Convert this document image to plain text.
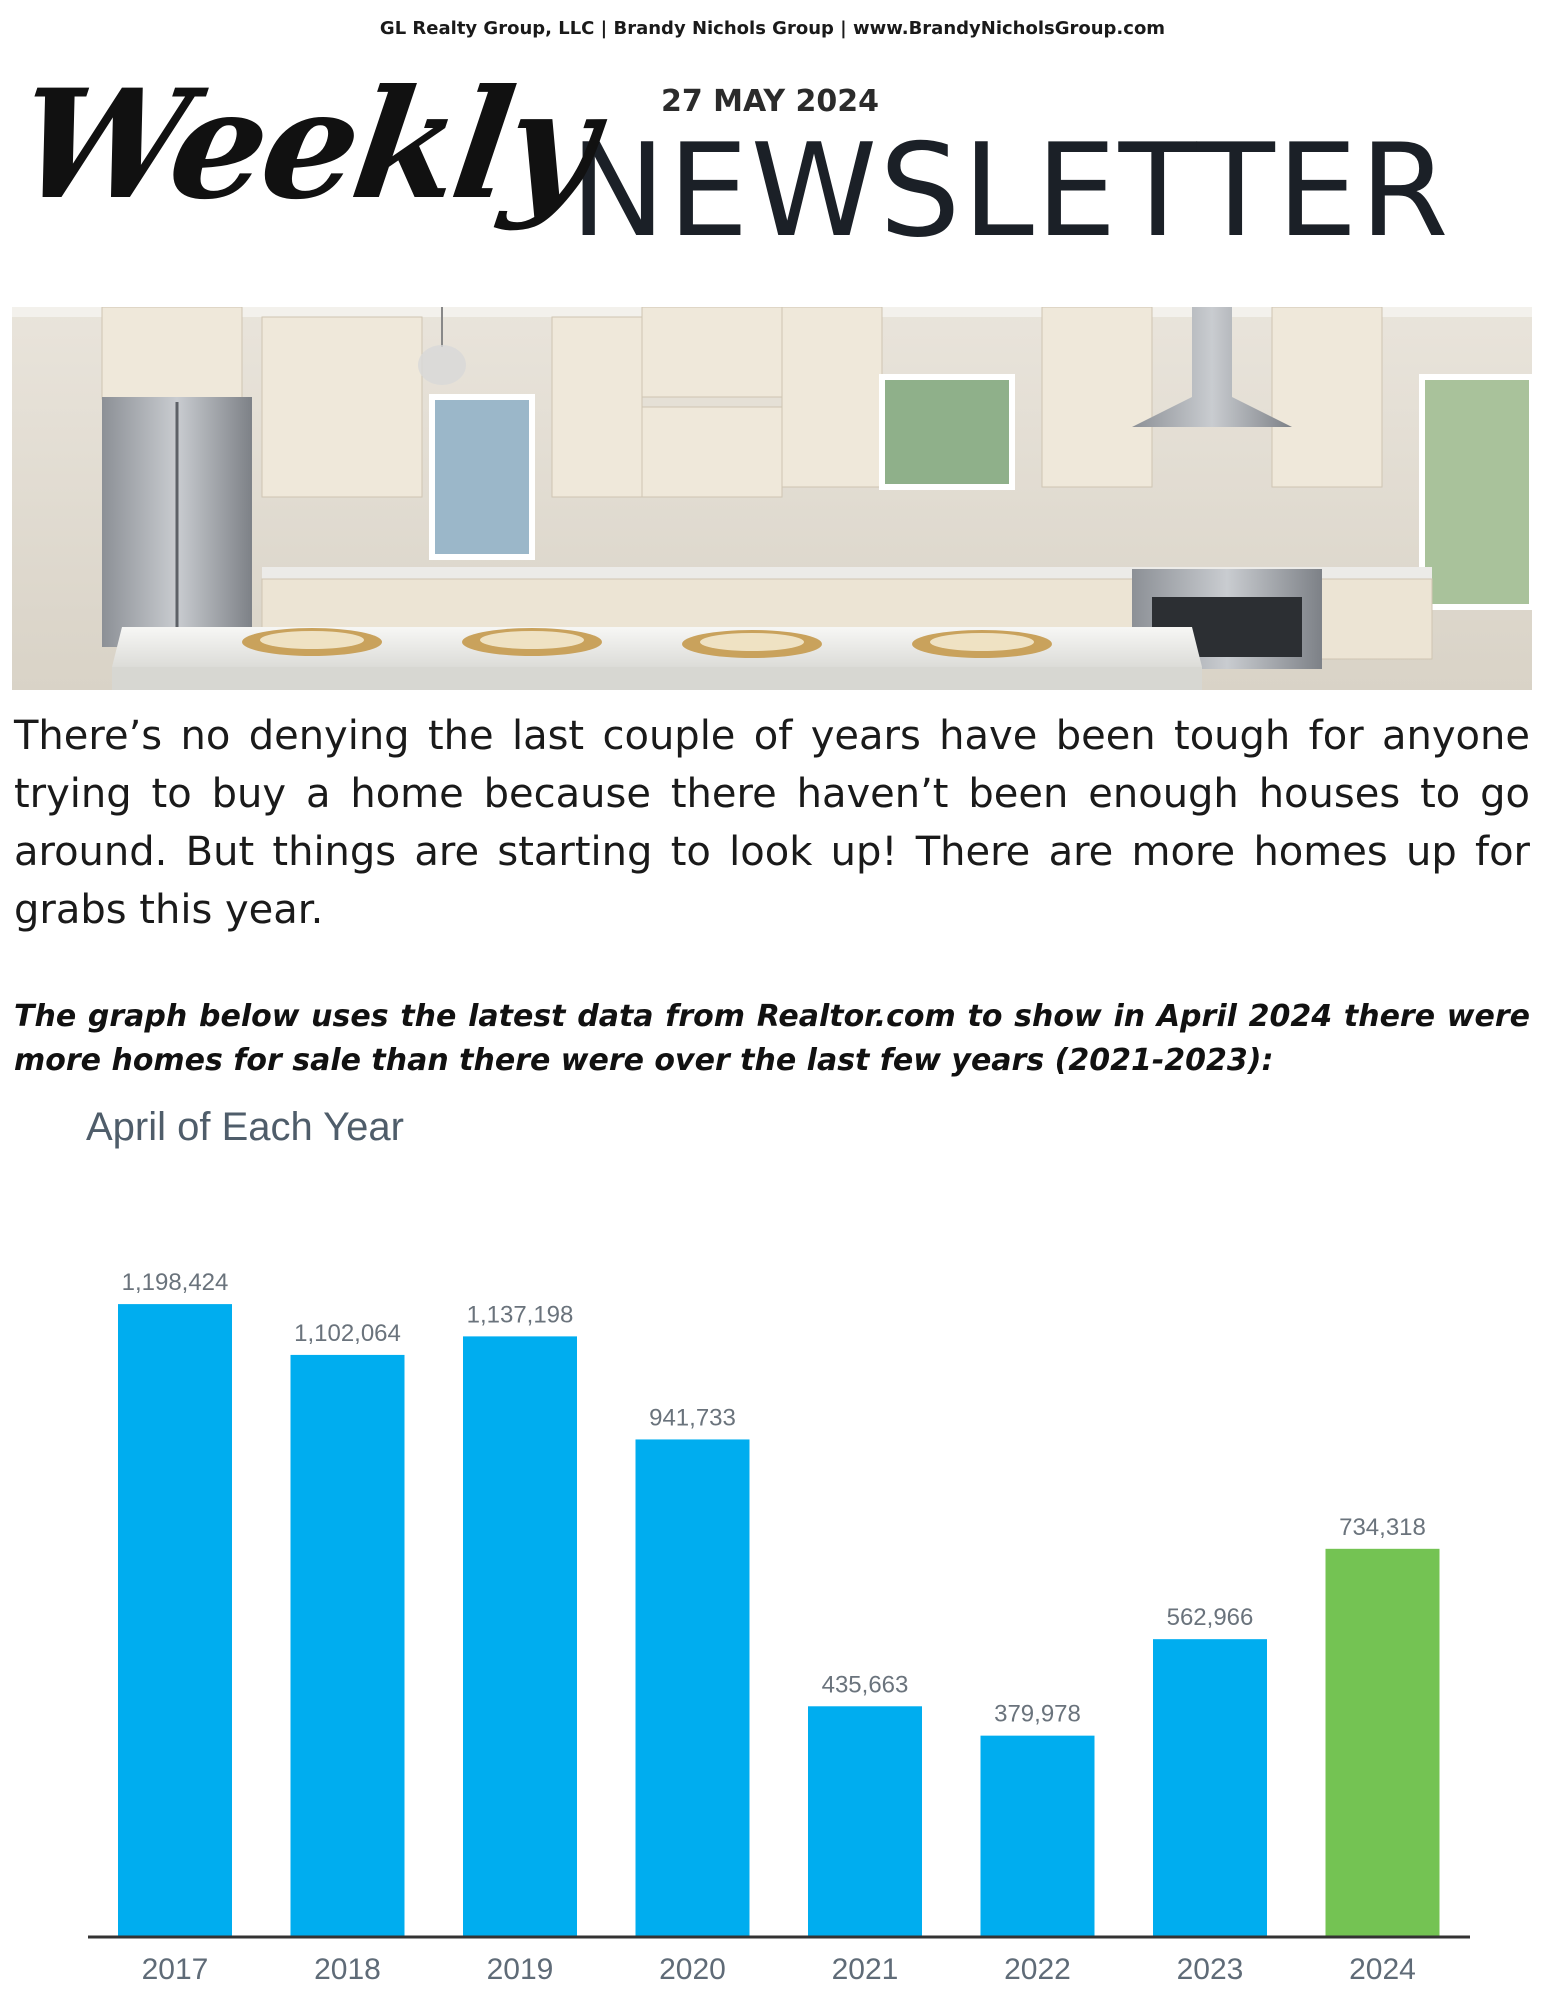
GL Realty Group, LLC | Brandy Nichols Group | www.BrandyNicholsGroup.com
27 MAY 2024
Weekly
NEWSLETTER
There’s no denying the last couple of years have been tough for anyone trying to buy a home because there haven’t been enough houses to go around. But things are starting to look up! There are more homes up for grabs this year.
The graph below uses the latest data from Realtor.com to show in April 2024 there were more homes for sale than there were over the last few years (2021-2023):
April of Each Year
1,198,424
2017
1,102,064
2018
1,137,198
2019
941,733
2020
435,663
2021
379,978
2022
562,966
2023
734,318
2024
